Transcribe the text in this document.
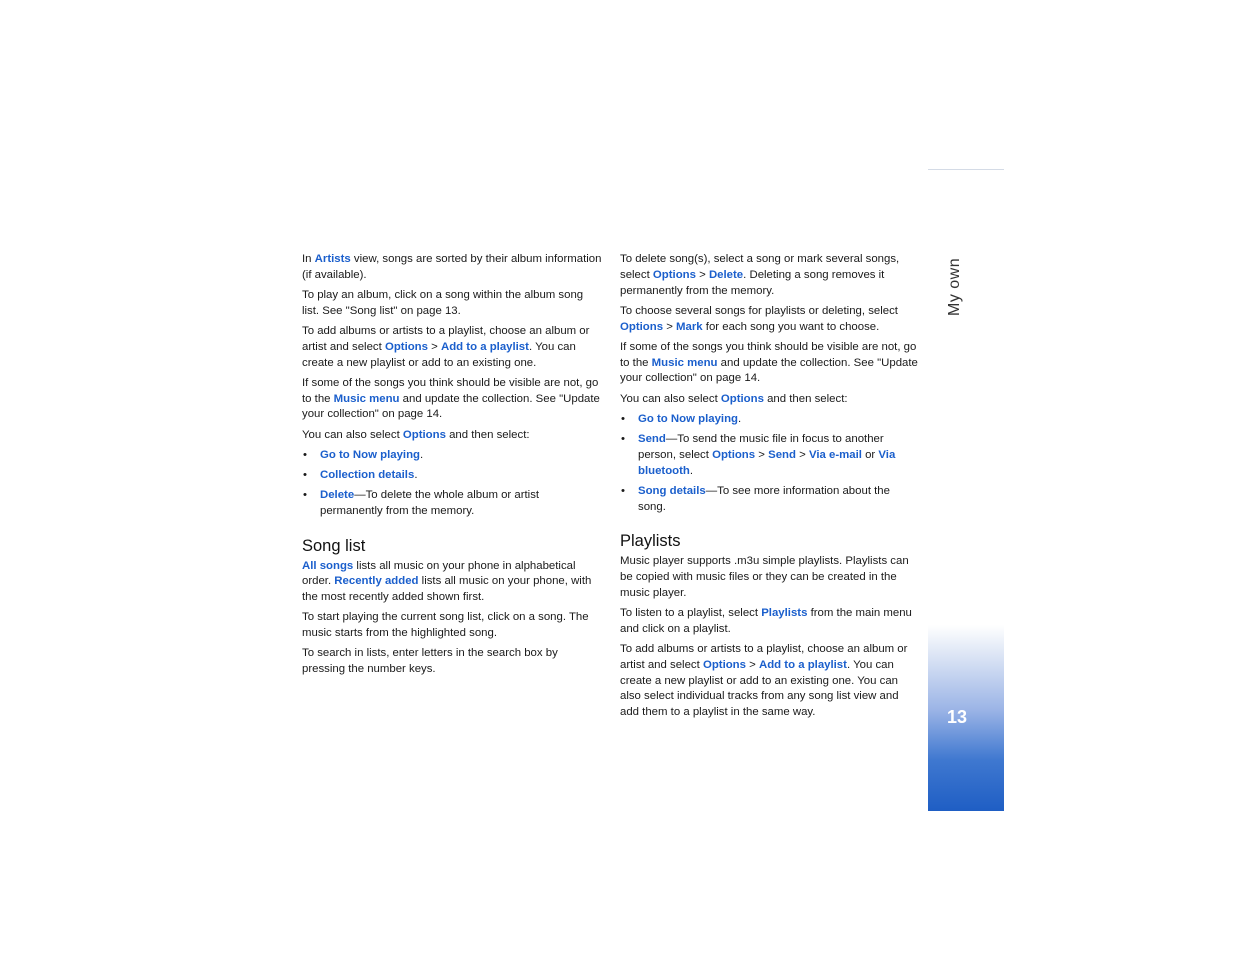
My own
13

In Artists view, songs are sorted by their album information (if available).

To play an album, click on a song within the album song list. See "Song list" on page 13.

To add albums or artists to a playlist, choose an album or artist and select Options > Add to a playlist. You can create a new playlist or add to an existing one.

If some of the songs you think should be visible are not, go to the Music menu and update the collection. See "Update your collection" on page 14.

You can also select Options and then select:

• Go to Now playing.
• Collection details.
• Delete—To delete the whole album or artist permanently from the memory.
Song list

All songs lists all music on your phone in alphabetical order. Recently added lists all music on your phone, with the most recently added shown first.

To start playing the current song list, click on a song. The music starts from the highlighted song.

To search in lists, enter letters in the search box by pressing the number keys.

To delete song(s), select a song or mark several songs, select Options > Delete. Deleting a song removes it permanently from the memory.

To choose several songs for playlists or deleting, select Options > Mark for each song you want to choose.

If some of the songs you think should be visible are not, go to the Music menu and update the collection. See "Update your collection" on page 14.

You can also select Options and then select:

• Go to Now playing.
• Send—To send the music file in focus to another person, select Options > Send > Via e-mail or Via bluetooth.
• Song details—To see more information about the song.
Playlists

Music player supports .m3u simple playlists. Playlists can be copied with music files or they can be created in the music player.

To listen to a playlist, select Playlists from the main menu and click on a playlist.

To add albums or artists to a playlist, choose an album or artist and select Options > Add to a playlist. You can create a new playlist or add to an existing one. You can also select individual tracks from any song list view and add them to a playlist in the same way.
